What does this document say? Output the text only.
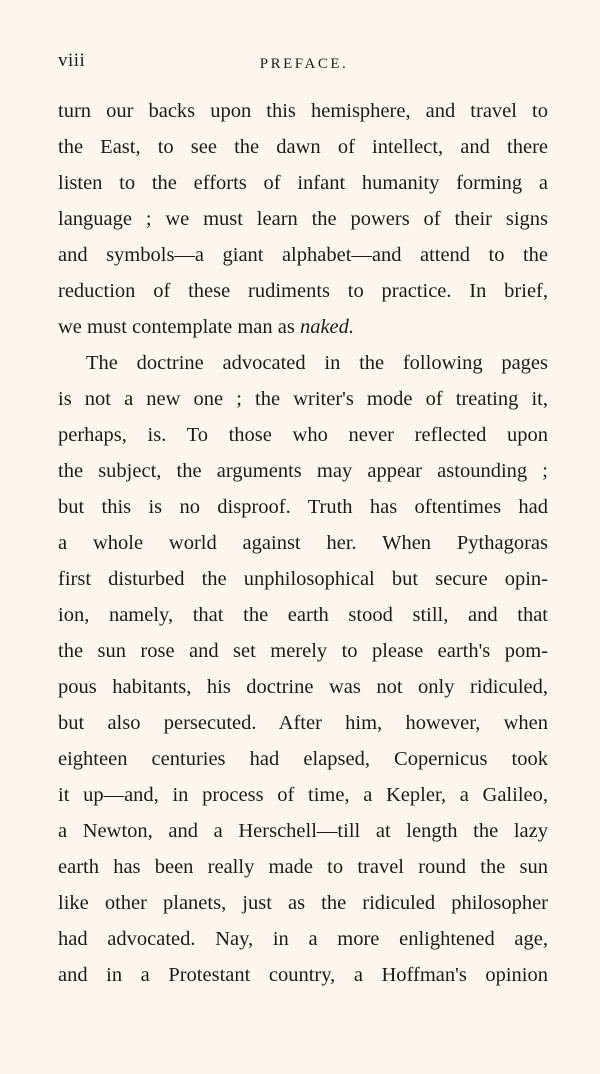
viii	PREFACE.
turn our backs upon this hemisphere, and travel to
the East, to see the dawn of intellect, and there
listen to the efforts of infant humanity forming a
language ; we must learn the powers of their signs
and symbols—a giant alphabet—and attend to the
reduction of these rudiments to practice. In brief,
we must contemplate man as naked.
The doctrine advocated in the following pages
is not a new one ; the writer's mode of treating it,
perhaps, is. To those who never reflected upon
the subject, the arguments may appear astounding ;
but this is no disproof. Truth has oftentimes had
a whole world against her. When Pythagoras
first disturbed the unphilosophical but secure opin-
ion, namely, that the earth stood still, and that
the sun rose and set merely to please earth's pom-
pous habitants, his doctrine was not only ridiculed,
but also persecuted. After him, however, when
eighteen centuries had elapsed, Copernicus took
it up—and, in process of time, a Kepler, a Galileo,
a Newton, and a Herschell—till at length the lazy
earth has been really made to travel round the sun
like other planets, just as the ridiculed philosopher
had advocated. Nay, in a more enlightened age,
and in a Protestant country, a Hoffman's opinion
